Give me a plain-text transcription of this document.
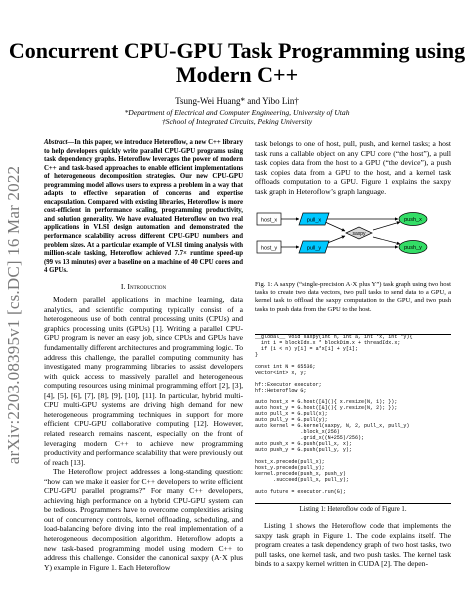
arXiv:2203.08395v1 [cs.DC] 16 Mar 2022
Concurrent CPU-GPU Task Programming using
Modern C++
Tsung-Wei Huang* and Yibo Lin†
*Department of Electrical and Computer Engineering, University of Utah
†School of Integrated Circuits, Peking University
Abstract—In this paper, we introduce Heteroflow, a new C++ library to help developers quickly write parallel CPU-GPU programs using task dependency graphs. Heteroflow leverages the power of modern C++ and task-based approaches to enable efficient implementations of heterogeneous decomposition strategies. Our new CPU-GPU programming model allows users to express a problem in a way that adapts to effective separation of concerns and expertise encapsulation. Compared with existing libraries, Heteroflow is more cost-efficient in performance scaling, programming productivity, and solution generality. We have evaluated Heteroflow on two real applications in VLSI design automation and demonstrated the performance scalability across different CPU-GPU numbers and problem sizes. At a particular example of VLSI timing analysis with million-scale tasking, Heteroflow achieved 7.7× runtime speed-up (99 vs 13 minutes) over a baseline on a machine of 40 CPU cores and 4 GPUs.
I. Introduction

Modern parallel applications in machine learning, data analytics, and scientific computing typically consist of a heterogeneous use of both central processing units (CPUs) and graphics processing units (GPUs) [1]. Writing a parallel CPU-GPU program is never an easy job, since CPUs and GPUs have fundamentally different architectures and programming logic. To address this challenge, the parallel computing community has investigated many programming libraries to assist developers with quick access to massively parallel and heterogeneous computing resources using minimal programming effort [2], [3], [4], [5], [6], [7], [8], [9], [10], [11]. In particular, hybrid multi-CPU multi-GPU systems are driving high demand for new heterogeneous programming techniques in support for more efficient CPU-GPU collaborative computing [12]. However, related research remains nascent, especially on the front of leveraging modern C++ to achieve new programming productivity and performance scalability that were previously out of reach [13].

The Heteroflow project addresses a long-standing question: “how can we make it easier for C++ developers to write efficient CPU-GPU parallel programs?” For many C++ developers, achieving high performance on a hybrid CPU-GPU system can be tedious. Programmers have to overcome complexities arising out of concurrency controls, kernel offloading, scheduling, and load-balancing before diving into the real implementation of a heterogeneous decomposition algorithm. Heteroflow adopts a new task-based programming model using modern C++ to address this challenge. Consider the canonical saxpy (A·X plus Y) example in Figure 1. Each Heteroflow

task belongs to one of host, pull, push, and kernel tasks; a host task runs a callable object on any CPU core (“the host”), a pull task copies data from the host to a GPU (“the device”), a push task copies data from a GPU to the host, and a kernel task offloads computation to a GPU. Figure 1 explains the saxpy task graph in Heteroflow’s graph language.

host_x
host_y
pull_x
pull_y
saxpy
push_x
push_y
Fig. 1: A saxpy (“single-precision A·X plus Y”) task graph using two host tasks to create two data vectors, two pull tasks to send data to a GPU, a kernel task to offload the saxpy computation to the GPU, and two push tasks to push data from the GPU to the host.
__global__ void saxpy(int n, int a, int *x, int *y){
int i = blockIdx.x * blockDim.x + threadIdx.x;
if (i < n) y[i] = a*x[i] + y[i];
}

const int N = 65536;
vector<int> x, y;

hf::Executor executor;
hf::Heteroflow G;

auto host_x = G.host([&](){ x.resize(N, 1); });
auto host_y = G.host([&](){ y.resize(N, 2); });
auto pull_x = G.pull(x);
auto pull_y = G.pull(y);
auto kernel = G.kernel(saxpy, N, 2, pull_x, pull_y)
.block_x(256)
.grid_x((N+255)/256);
auto push_x = G.push(pull_x, x);
auto push_y = G.push(pull_y, y);

host_x.precede(pull_x);
host_y.precede(pull_y);
kernel.precede(push_x, push_y)
.succeed(pull_x, pull_y);

auto future = executor.run(G);
Listing 1: Heteroflow code of Figure 1.

Listing 1 shows the Heteroflow code that implements the saxpy task graph in Figure 1. The code explains itself. The program creates a task dependency graph of two host tasks, two pull tasks, one kernel task, and two push tasks. The kernel task binds to a saxpy kernel written in CUDA [2]. The depen-
